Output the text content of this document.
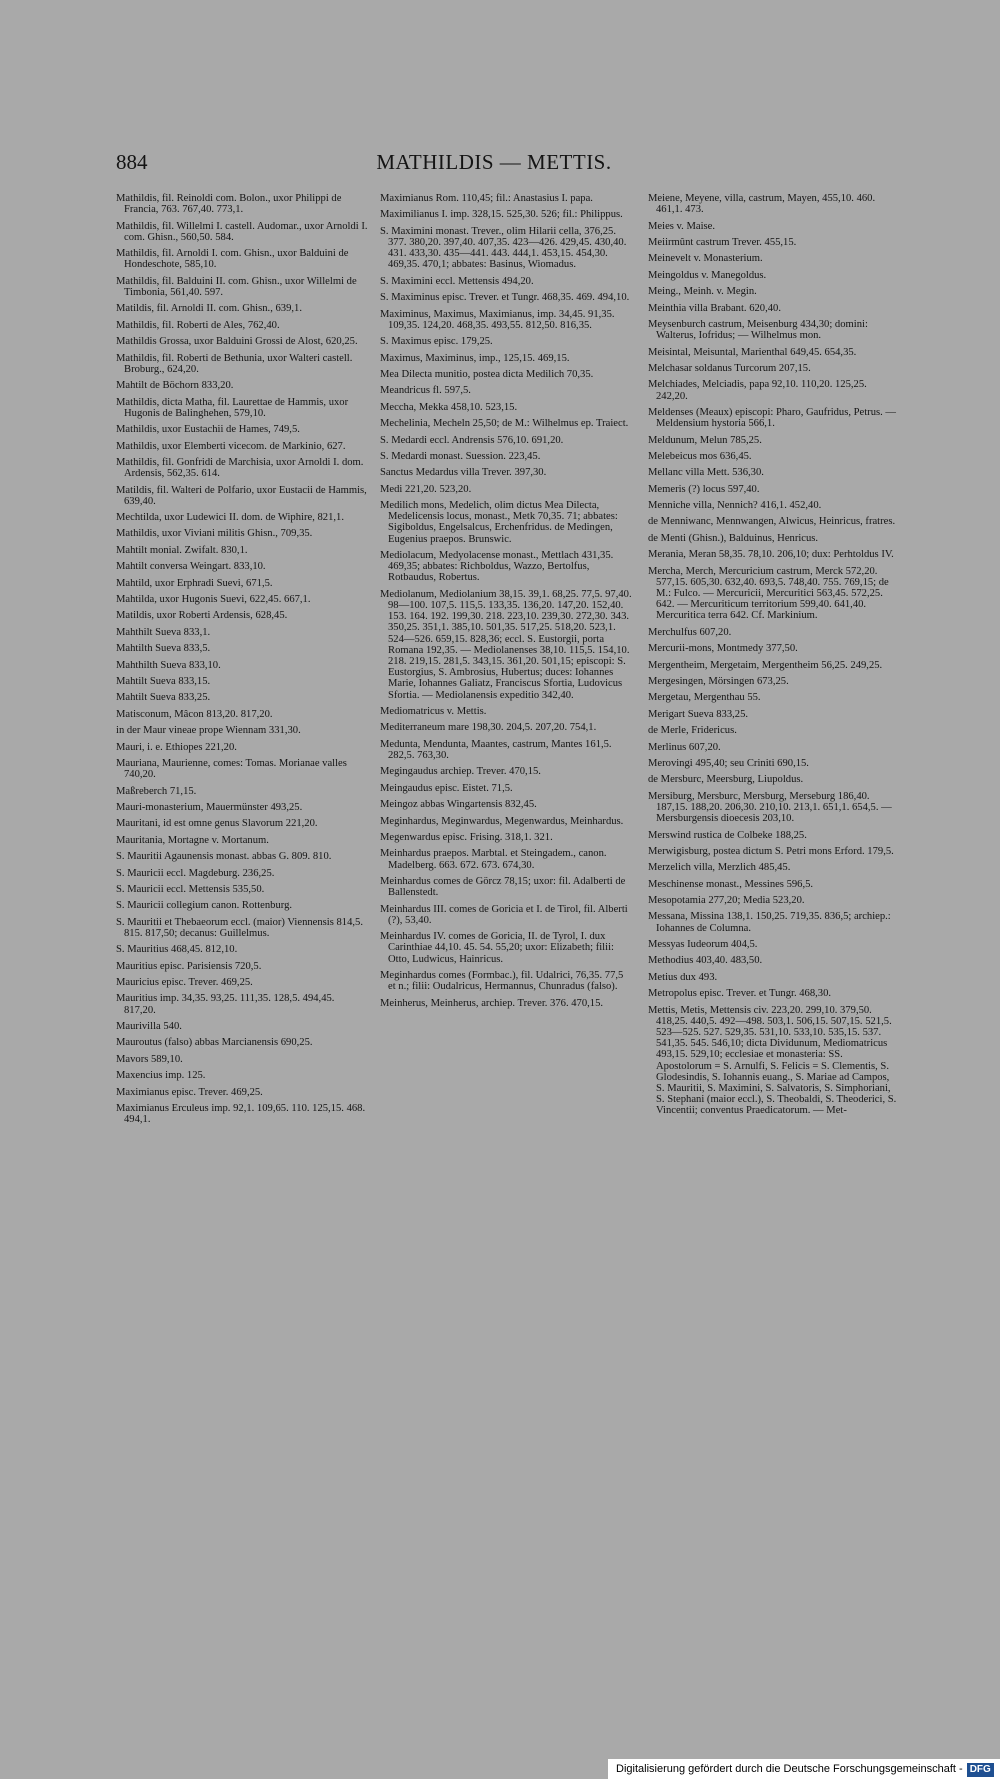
884	MATHILDIS — METTIS.
Mathildis, fil. Reinoldi com. Bolon., uxor Philippi de Francia, 763. 767,40. 773,1.
Mathildis, fil. Willelmi I. castell. Audomar., uxor Arnoldi I. com. Ghisn., 560,50. 584.
Mathildis, fil. Arnoldi I. com. Ghisn., uxor Balduini de Hondeschote, 585,10.
Mathildis, fil. Balduini II. com. Ghisn., uxor Willelmi de Timbonia, 561,40. 597.
Matildis, fil. Arnoldi II. com. Ghisn., 639,1.
Mathildis, fil. Roberti de Ales, 762,40.
Mathildis Grossa, uxor Balduini Grossi de Alost, 620,25.
Mathildis, fil. Roberti de Bethunia, uxor Walteri castell. Broburg., 624,20.
Mahtilt de Böchorn 833,20.
Mathildis, dicta Matha, fil. Laurettae de Hammis, uxor Hugonis de Balinghehen, 579,10.
Mathildis, uxor Eustachii de Hames, 749,5.
Mathildis, uxor Elemberti vicecom. de Markinio, 627.
Mathildis, fil. Gonfridi de Marchisia, uxor Arnoldi I. dom. Ardensis, 562,35. 614.
Matildis, fil. Walteri de Polfario, uxor Eustacii de Hammis, 639,40.
Mechtilda, uxor Ludewici II. dom. de Wiphire, 821,1.
Mathildis, uxor Viviani militis Ghisn., 709,35.
Mahtilt monial. Zwifalt. 830,1.
Mahtilt conversa Weingart. 833,10.
Mahtild, uxor Erphradi Suevi, 671,5.
Mahtilda, uxor Hugonis Suevi, 622,45. 667,1.
Matildis, uxor Roberti Ardensis, 628,45.
Mahthilt Sueva 833,1.
Mahtilth Sueva 833,5.
Mahthilth Sueva 833,10.
Mahtilt Sueva 833,15.
Mahtilt Sueva 833,25.
Matisconum, Mâcon 813,20. 817,20.
in der Maur vineae prope Wiennam 331,30.
Mauri, i. e. Ethiopes 221,20.
Mauriana, Maurienne, comes: Tomas. Morianae valles 740,20.
Maßreberch 71,15.
Mauri-monasterium, Mauermünster 493,25.
Mauritani, id est omne genus Slavorum 221,20.
Mauritania, Mortagne v. Mortanum.
S. Mauritii Agaunensis monast. abbas G. 809. 810.
S. Mauricii eccl. Magdeburg. 236,25.
S. Mauricii eccl. Mettensis 535,50.
S. Mauricii collegium canon. Rottenburg.
S. Mauritii et Thebaeorum eccl. (maior) Viennensis 814,5. 815. 817,50; decanus: Guillelmus.
S. Mauritius 468,45. 812,10.
Mauritius episc. Parisiensis 720,5.
Mauricius episc. Trever. 469,25.
Mauritius imp. 34,35. 93,25. 111,35. 128,5. 494,45. 817,20.
Maurivilla 540.
Mauroutus (falso) abbas Marcianensis 690,25.
Mavors 589,10.
Maxencius imp. 125.
Maximianus episc. Trever. 469,25.
Maximianus Erculeus imp. 92,1. 109,65. 110. 125,15. 468. 494,1.
Maximianus Rom. 110,45; fil.: Anastasius I. papa.
Maximilianus I. imp. 328,15. 525,30. 526; fil.: Philippus.
S. Maximini monast. Trever., olim Hilarii cella, 376,25. 377. 380,20. 397,40. 407,35. 423—426. 429,45. 430,40. 431. 433,30. 435—441. 443. 444,1. 453,15. 454,30. 469,35. 470,1; abbates: Basinus, Wiomadus.
S. Maximini eccl. Mettensis 494,20.
S. Maximinus episc. Trever. et Tungr. 468,35. 469. 494,10.
Maximinus, Maximus, Maximianus, imp. 34,45. 91,35. 109,35. 124,20. 468,35. 493,55. 812,50. 816,35.
S. Maximus episc. 179,25.
Maximus, Maximinus, imp., 125,15. 469,15.
Mea Dilecta munitio, postea dicta Medilich 70,35.
Meandricus fl. 597,5.
Meccha, Mekka 458,10. 523,15.
Mechelinia, Mecheln 25,50; de M.: Wilhelmus ep. Traiect.
S. Medardi eccl. Andrensis 576,10. 691,20.
S. Medardi monast. Suession. 223,45.
Sanctus Medardus villa Trever. 397,30.
Medi 221,20. 523,20.
Medilich mons, Medelich, olim dictus Mea Dilecta, Medelicensis locus, monast., Metk 70,35. 71; abbates: Sigiboldus, Engelsalcus, Erchenfridus. de Medingen, Eugenius praepos. Brunswic.
Mediolacum, Medyolacense monast., Mettlach 431,35. 469,35; abbates: Richboldus, Wazzo, Bertolfus, Rotbaudus, Robertus.
Mediolanum, Mediolanium 38,15. 39,1. 68,25. 77,5. 97,40. 98—100. 107,5. 115,5. 133,35. 136,20. 147,20. 152,40. 153. 164. 192. 199,30. 218. 223,10. 239,30. 272,30. 343. 350,25. 351,1. 385,10. 501,35. 517,25. 518,20. 523,1. 524—526. 659,15. 828,36; eccl. S. Eustorgii, porta Romana 192,35. — Mediolanenses 38,10. 115,5. 154,10. 218. 219,15. 281,5. 343,15. 361,20. 501,15; episcopi: S. Eustorgius, S. Ambrosius, Hubertus; duces: Iohannes Marie, Iohannes Galiatz, Franciscus Sfortia, Ludovicus Sfortia. — Mediolanensis expeditio 342,40.
Mediomatricus v. Mettis.
Mediterraneum mare 198,30. 204,5. 207,20. 754,1.
Medunta, Mendunta, Maantes, castrum, Mantes 161,5. 282,5. 763,30.
Megingaudus archiep. Trever. 470,15.
Meingaudus episc. Eistet. 71,5.
Meingoz abbas Wingartensis 832,45.
Meginhardus, Meginwardus, Megenwardus, Meinhardus.
Megenwardus episc. Frising. 318,1. 321.
Meinhardus praepos. Marbtal. et Steingadem., canon. Madelberg. 663. 672. 673. 674,30.
Meinhardus comes de Görcz 78,15; uxor: fil. Adalberti de Ballenstedt.
Meinhardus III. comes de Goricia et I. de Tirol, fil. Alberti (?), 53,40.
Meinhardus IV. comes de Goricia, II. de Tyrol, I. dux Carinthiae 44,10. 45. 54. 55,20; uxor: Elizabeth; filii: Otto, Ludwicus, Hainricus.
Meginhardus comes (Formbac.), fil. Udalrici, 76,35. 77,5 et n.; filii: Oudalricus, Hermannus, Chunradus (falso).
Meinherus, Meinherus, archiep. Trever. 376. 470,15.
Meiene, Meyene, villa, castrum, Mayen, 455,10. 460. 461,1. 473.
Meies v. Maise.
Meiirmûnt castrum Trever. 455,15.
Meinevelt v. Monasterium.
Meingoldus v. Manegoldus.
Meing., Meinh. v. Megin.
Meinthia villa Brabant. 620,40.
Meysenburch castrum, Meisenburg 434,30; domini: Walterus, Iofridus; — Wilhelmus mon.
Meisintal, Meisuntal, Marienthal 649,45. 654,35.
Melchasar soldanus Turcorum 207,15.
Melchiades, Melciadis, papa 92,10. 110,20. 125,25. 242,20.
Meldenses (Meaux) episcopi: Pharo, Gaufridus, Petrus. — Meldensium hystoria 566,1.
Meldunum, Melun 785,25.
Melebeicus mos 636,45.
Mellanc villa Mett. 536,30.
Memeris (?) locus 597,40.
Menniche villa, Nennich? 416,1. 452,40.
de Menniwanc, Mennwangen, Alwicus, Heinricus, fratres.
de Menti (Ghisn.), Balduinus, Henricus.
Merania, Meran 58,35. 78,10. 206,10; dux: Perhtoldus IV.
Mercha, Merch, Mercuricium castrum, Merck 572,20. 577,15. 605,30. 632,40. 693,5. 748,40. 755. 769,15; de M.: Fulco. — Mercuricii, Mercuritici 563,45. 572,25. 642. — Mercuriticum territorium 599,40. 641,40. Mercuritica terra 642. Cf. Markinium.
Merchulfus 607,20.
Mercurii-mons, Montmedy 377,50.
Mergentheim, Mergetaim, Mergentheim 56,25. 249,25.
Mergesingen, Mörsingen 673,25.
Mergetau, Mergenthau 55.
Merigart Sueva 833,25.
de Merle, Fridericus.
Merlinus 607,20.
Merovingi 495,40; seu Criniti 690,15.
de Mersburc, Meersburg, Liupoldus.
Mersiburg, Mersburc, Mersburg, Merseburg 186,40. 187,15. 188,20. 206,30. 210,10. 213,1. 651,1. 654,5. — Mersburgensis dioecesis 203,10.
Merswind rustica de Colbeke 188,25.
Merwigisburg, postea dictum S. Petri mons Erford. 179,5.
Merzelich villa, Merzlich 485,45.
Meschinense monast., Messines 596,5.
Mesopotamia 277,20; Media 523,20.
Messana, Missina 138,1. 150,25. 719,35. 836,5; archiep.: Iohannes de Columna.
Messyas Iudeorum 404,5.
Methodius 403,40. 483,50.
Metius dux 493.
Metropolus episc. Trever. et Tungr. 468,30.
Mettis, Metis, Mettensis civ. 223,20. 299,10. 379,50. 418,25. 440,5. 492—498. 503,1. 506,15. 507,15. 521,5. 523—525. 527. 529,35. 531,10. 533,10. 535,15. 537. 541,35. 545. 546,10; dicta Dividunum, Mediomatricus 493,15. 529,10; ecclesiae et monasteria: SS. Apostolorum = S. Arnulfi, S. Felicis = S. Clementis, S. Glodesindis, S. Iohannis euang., S. Mariae ad Campos, S. Mauritii, S. Maximini, S. Salvatoris, S. Simphoriani, S. Stephani (maior eccl.), S. Theobaldi, S. Theoderici, S. Vincentii; conventus Praedicatorum. — Met-
Digitalisierung gefördert durch die Deutsche Forschungsgemeinschaft - DFG
